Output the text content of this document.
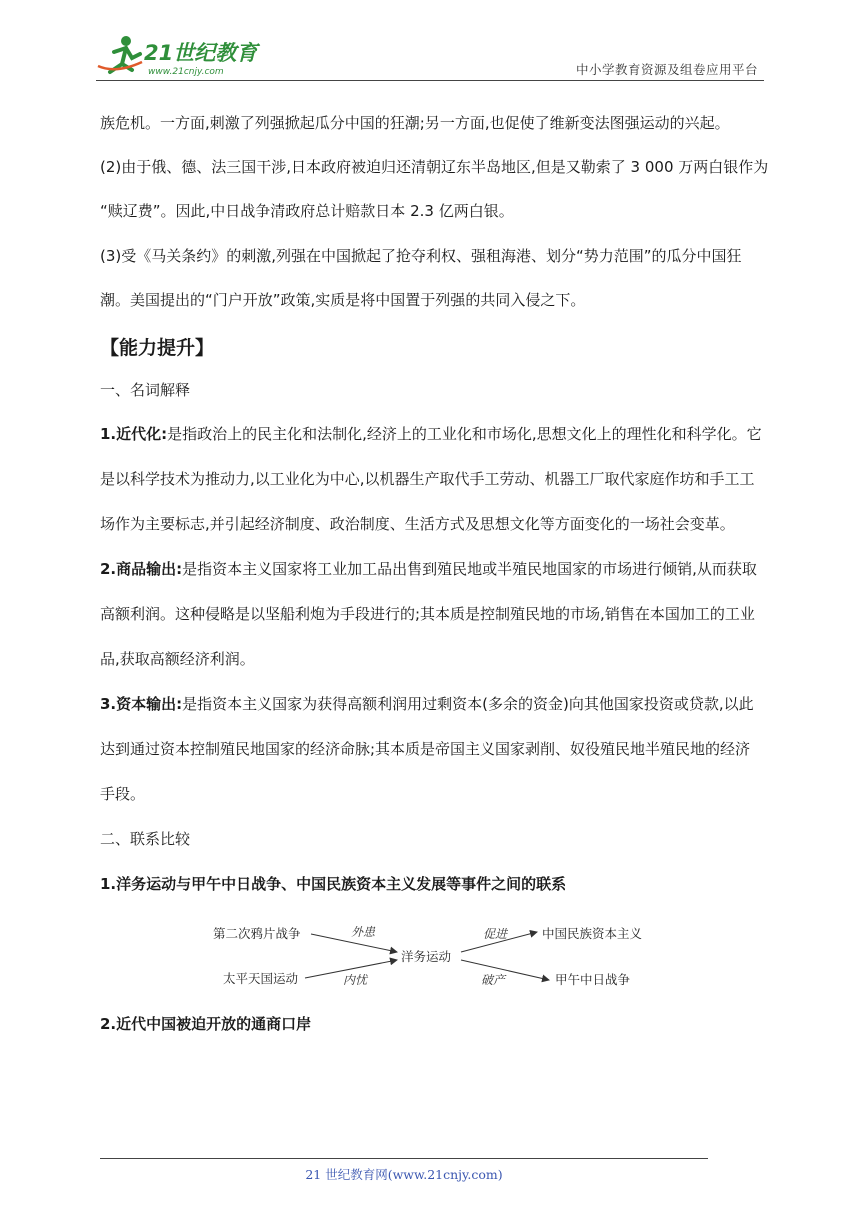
21世纪教育
www.21cnjy.com	中小学教育资源及组卷应用平台
族危机。一方面,刺激了列强掀起瓜分中国的狂潮;另一方面,也促使了维新变法图强运动的兴起。
(2)由于俄、德、法三国干涉,日本政府被迫归还清朝辽东半岛地区,但是又勒索了 3 000 万两白银作为
“赎辽费”。因此,中日战争清政府总计赔款日本 2.3 亿两白银。
(3)受《马关条约》的刺激,列强在中国掀起了抢夺利权、强租海港、划分“势力范围”的瓜分中国狂
潮。美国提出的“门户开放”政策,实质是将中国置于列强的共同入侵之下。
【能力提升】
一、名词解释
1.近代化:是指政治上的民主化和法制化,经济上的工业化和市场化,思想文化上的理性化和科学化。它
是以科学技术为推动力,以工业化为中心,以机器生产取代手工劳动、机器工厂取代家庭作坊和手工工
场作为主要标志,并引起经济制度、政治制度、生活方式及思想文化等方面变化的一场社会变革。
2.商品输出:是指资本主义国家将工业加工品出售到殖民地或半殖民地国家的市场进行倾销,从而获取
高额利润。这种侵略是以坚船利炮为手段进行的;其本质是控制殖民地的市场,销售在本国加工的工业
品,获取高额经济利润。
3.资本输出:是指资本主义国家为获得高额利润用过剩资本(多余的资金)向其他国家投资或贷款,以此
达到通过资本控制殖民地国家的经济命脉;其本质是帝国主义国家剥削、奴役殖民地半殖民地的经济
手段。
二、联系比较
1.洋务运动与甲午中日战争、中国民族资本主义发展等事件之间的联系
第二次鸦片战争
太平天国运动
洋务运动
中国民族资本主义
甲午中日战争
外患
内忧
促进
破产
2.近代中国被迫开放的通商口岸
21 世纪教育网(www.21cnjy.com)
